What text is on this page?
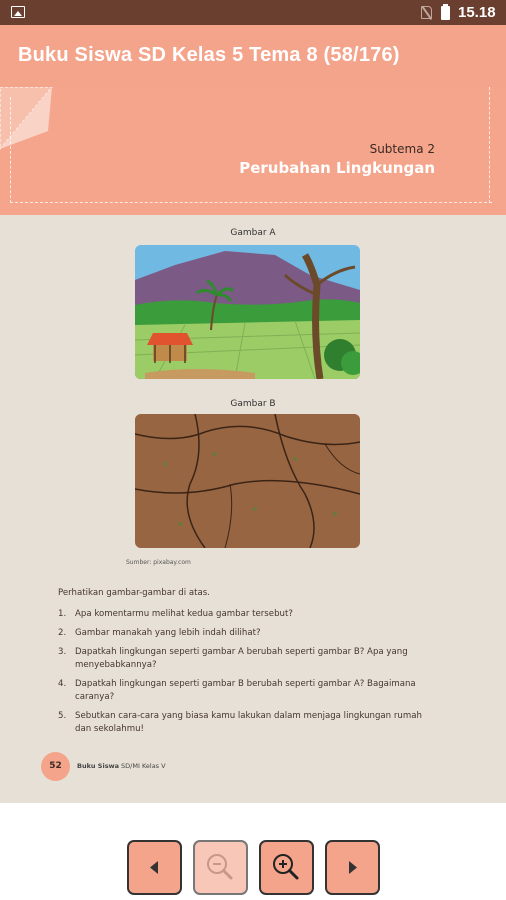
15.18
Buku Siswa SD Kelas 5 Tema 8 (58/176)
Subtema 2
Perubahan Lingkungan
Gambar A
Gambar B
Sumber: pixabay.com
Perhatikan gambar-gambar di atas.
1. Apa komentarmu melihat kedua gambar tersebut?
2. Gambar manakah yang lebih indah dilihat?
3. Dapatkah lingkungan seperti gambar A berubah seperti gambar B? Apa yang menyebabkannya?
4. Dapatkah lingkungan seperti gambar B berubah seperti gambar A? Bagaimana caranya?
5. Sebutkan cara-cara yang biasa kamu lakukan dalam menjaga lingkungan rumah dan sekolahmu!
52	Buku Siswa SD/MI Kelas V
